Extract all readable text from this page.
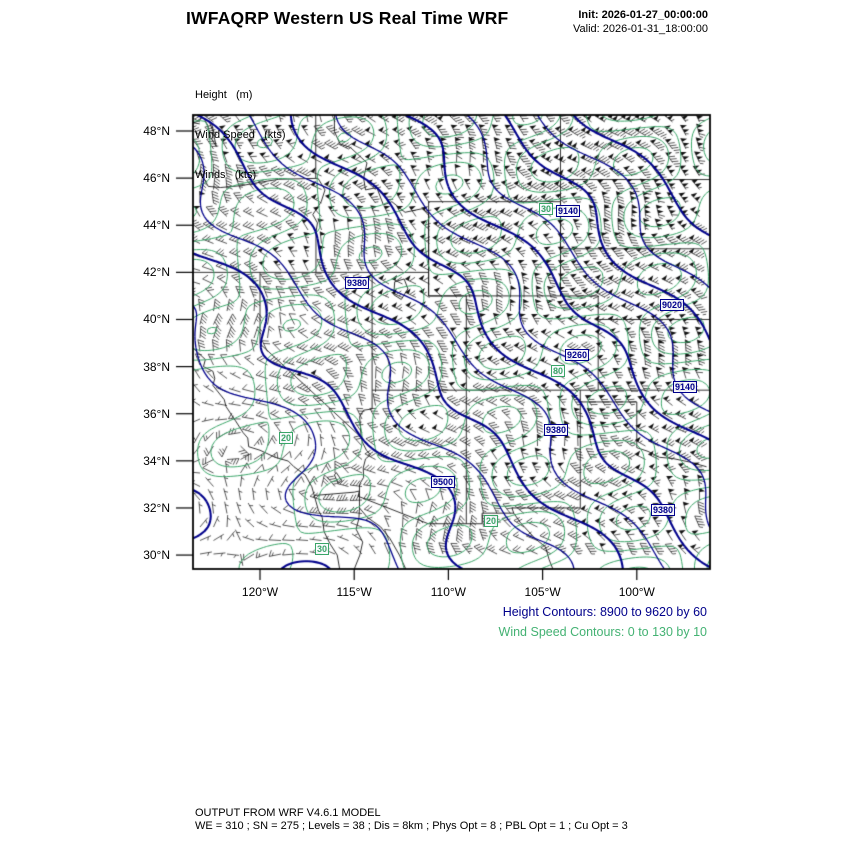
IWFAQRP Western US Real Time WRF	Init: 2026-01-27_00:00:00
Valid: 2026-01-31_18:00:00

Height   (m)

Wind Speed   (kts)

Winds   (kts)

48°N
46°N
44°N
42°N
40°N
38°N
36°N
34°N
32°N
30°N
120°W	115°W	110°W	105°W	100°W
9140
9380
9020
9260
9140
9380
9500
9380
30
80
20
30
20
Height Contours: 8900 to 9620 by 60
Wind Speed Contours: 0 to 130 by 10
OUTPUT FROM WRF V4.6.1 MODEL
WE = 310 ; SN = 275 ; Levels = 38 ; Dis = 8km ; Phys Opt = 8 ; PBL Opt = 1 ; Cu Opt = 3
